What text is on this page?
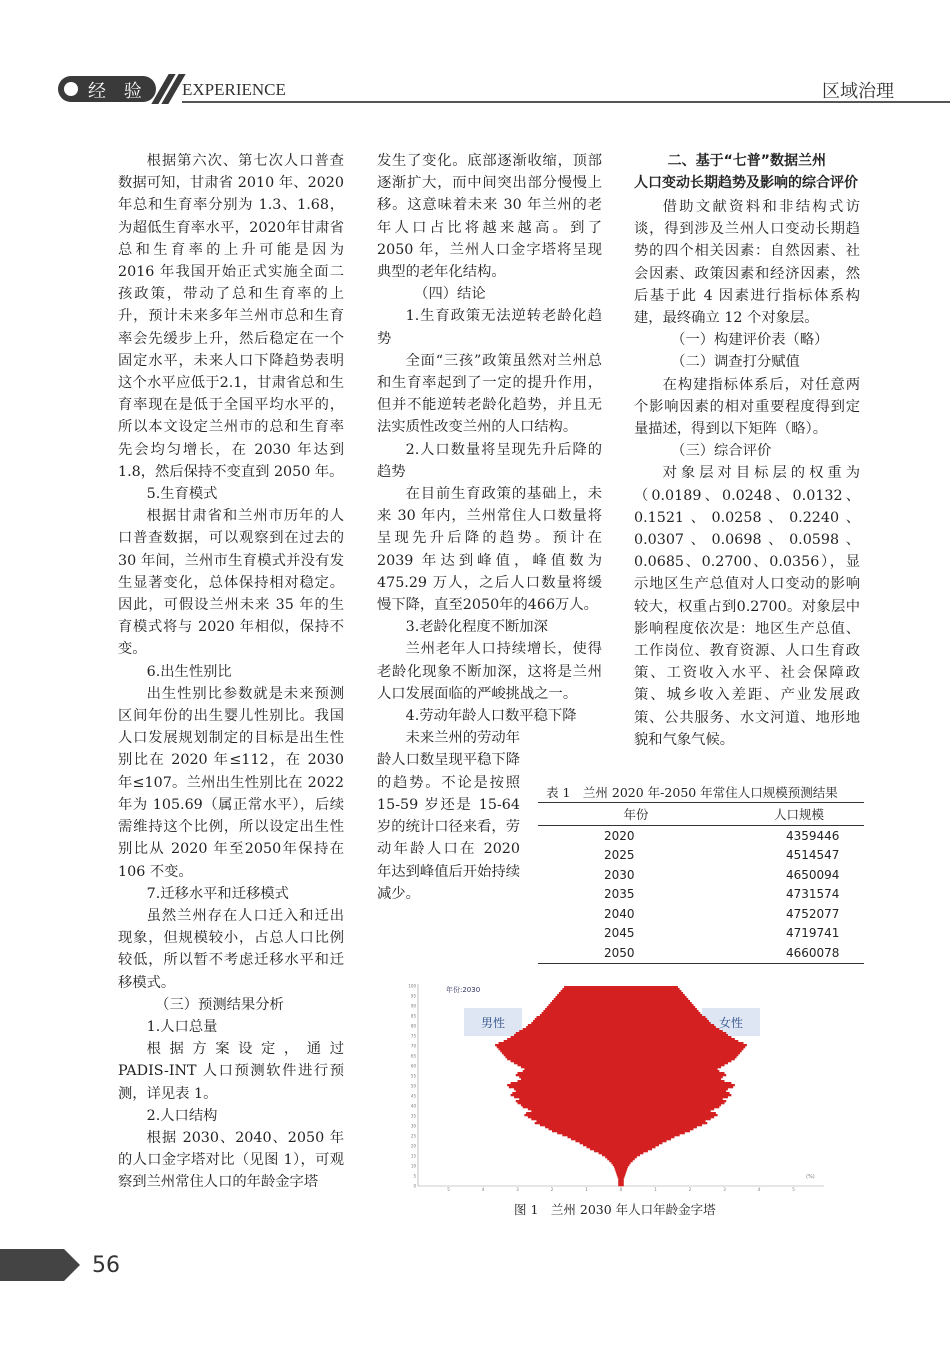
经 验 EXPERIENCE	区域治理

根据第六次、第七次人口普查数据可知，甘肃省 2010 年、2020 年总和生育率分别为 1.3、1.68，为超低生育率水平，2020年甘肃省总和生育率的上升可能是因为 2016 年我国开始正式实施全面二孩政策，带动了总和生育率的上升，预计未来多年兰州市总和生育率会先缓步上升，然后稳定在一个固定水平，未来人口下降趋势表明这个水平应低于2.1，甘肃省总和生育率现在是低于全国平均水平的，所以本文设定兰州市的总和生育率先会均匀增长，在 2030 年达到 1.8，然后保持不变直到 2050 年。

5.生育模式

根据甘肃省和兰州市历年的人口普查数据，可以观察到在过去的 30 年间，兰州市生育模式并没有发生显著变化，总体保持相对稳定。因此，可假设兰州未来 35 年的生育模式将与 2020 年相似，保持不变。

6.出生性别比

出生性别比参数就是未来预测区间年份的出生婴儿性别比。我国人口发展规划制定的目标是出生性别比在 2020 年≤112，在 2030 年≤107。兰州出生性别比在 2022 年为 105.69（属正常水平），后续需维持这个比例，所以设定出生性别比从 2020 年至2050年保持在 106 不变。

7.迁移水平和迁移模式

虽然兰州存在人口迁入和迁出现象，但规模较小，占总人口比例较低，所以暂不考虑迁移水平和迁移模式。

（三）预测结果分析

1.人口总量

根 据 方 案 设 定 ， 通 过PADIS-INT 人口预测软件进行预测，详见表 1。

2.人口结构

根据 2030、2040、2050 年的人口金字塔对比（见图 1），可观察到兰州常住人口的年龄金字塔

发生了变化。底部逐渐收缩，顶部逐渐扩大，而中间突出部分慢慢上移。这意味着未来 30 年兰州的老年人口占比将越来越高。到了 2050 年，兰州人口金字塔将呈现典型的老年化结构。

（四）结论

1.生育政策无法逆转老龄化趋势

全面“三孩”政策虽然对兰州总和生育率起到了一定的提升作用，但并不能逆转老龄化趋势，并且无法实质性改变兰州的人口结构。

2.人口数量将呈现先升后降的趋势

在目前生育政策的基础上，未来 30 年内，兰州常住人口数量将呈现先升后降的趋势。预计在 2039 年达到峰值，峰值数为475.29 万人，之后人口数量将缓慢下降，直至2050年的466万人。

3.老龄化程度不断加深

兰州老年人口持续增长，使得老龄化现象不断加深，这将是兰州人口发展面临的严峻挑战之一。

4.劳动年龄人口数平稳下降

未来兰州的劳动年龄人口数呈现平稳下降的趋势。不论是按照 15-59 岁还是 15-64 岁的统计口径来看，劳动年龄人口在 2020 年达到峰值后开始持续减少。

二、基于“七普”数据兰州
人口变动长期趋势及影响的综合评价

借助文献资料和非结构式访谈，得到涉及兰州人口变动长期趋势的四个相关因素：自然因素、社会因素、政策因素和经济因素，然后基于此 4 因素进行指标体系构建，最终确立 12 个对象层。

（一）构建评价表（略）

（二）调查打分赋值

在构建指标体系后，对任意两个影响因素的相对重要程度得到定量描述，得到以下矩阵（略）。

（三）综合评价

对象层对目标层的权重为（0.0189、0.0248、0.0132、0.1521、0.0258、0.2240、0.0307、0.0698、0.0598、0.0685、0.2700、0.0356），显示地区生产总值对人口变动的影响较大，权重占到0.2700。对象层中影响程度依次是：地区生产总值、工作岗位、教育资源、人口生育政策、工资收入水平、社会保障政策、城乡收入差距、产业发展政策、公共服务、水文河道、地形地貌和气象气候。

表 1　兰州 2020 年-2050 年常住人口规模预测结果
年份	人口规模
2020	4359446
2025	4514547
2030	4650094
2035	4731574
2040	4752077
2045	4719741
2050	4660078
年份:2030
男性	女性
(%)
100
95
90
85
80
75
70
65
60
55
50
45
40
35
30
25
20
15
10
5
0
5	4	3	2	1	0	1	2	3	4	5
图 1　兰州 2030 年人口年龄金字塔
56
